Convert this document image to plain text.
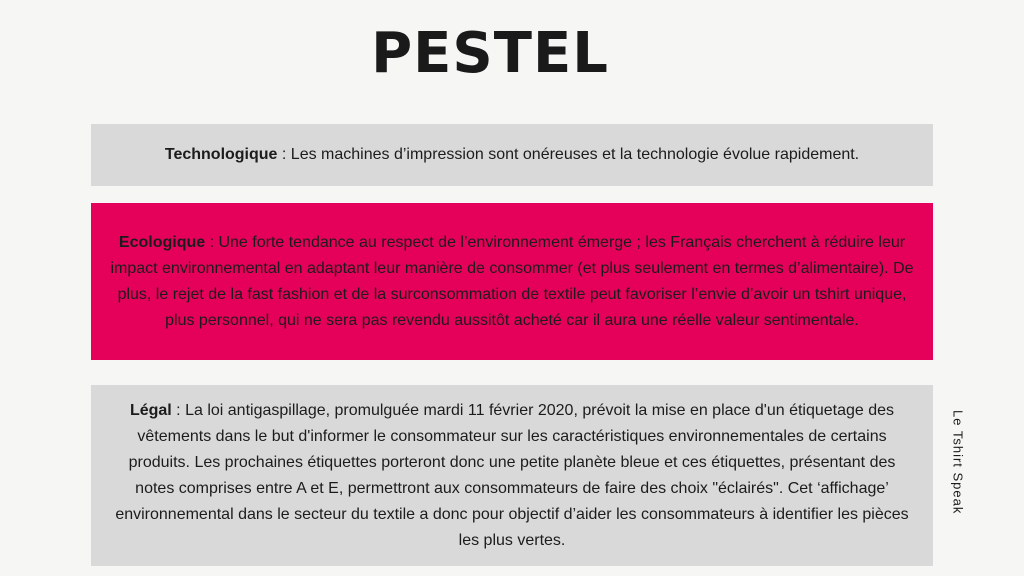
PESTEL

Technologique : Les machines d’impression sont onéreuses et la technologie évolue rapidement.

Ecologique : Une forte tendance au respect de l’environnement émerge ; les Français cherchent à réduire leur impact environnemental en adaptant leur manière de consommer (et plus seulement en termes d’alimentaire). De plus, le rejet de la fast fashion et de la surconsommation de textile peut favoriser l’envie d’avoir un tshirt unique, plus personnel, qui ne sera pas revendu aussitôt acheté car il aura une réelle valeur sentimentale.

Légal : La loi antigaspillage, promulguée mardi 11 février 2020, prévoit la mise en place d'un étiquetage des vêtements dans le but d'informer le consommateur sur les caractéristiques environnementales de certains produits. Les prochaines étiquettes porteront donc une petite planète bleue et ces étiquettes, présentant des notes comprises entre A et E, permettront aux consommateurs de faire des choix "éclairés". Cet ‘affichage’ environnemental dans le secteur du textile a donc pour objectif d’aider les consommateurs à identifier les pièces les plus vertes.

Le Tshirt Speak
